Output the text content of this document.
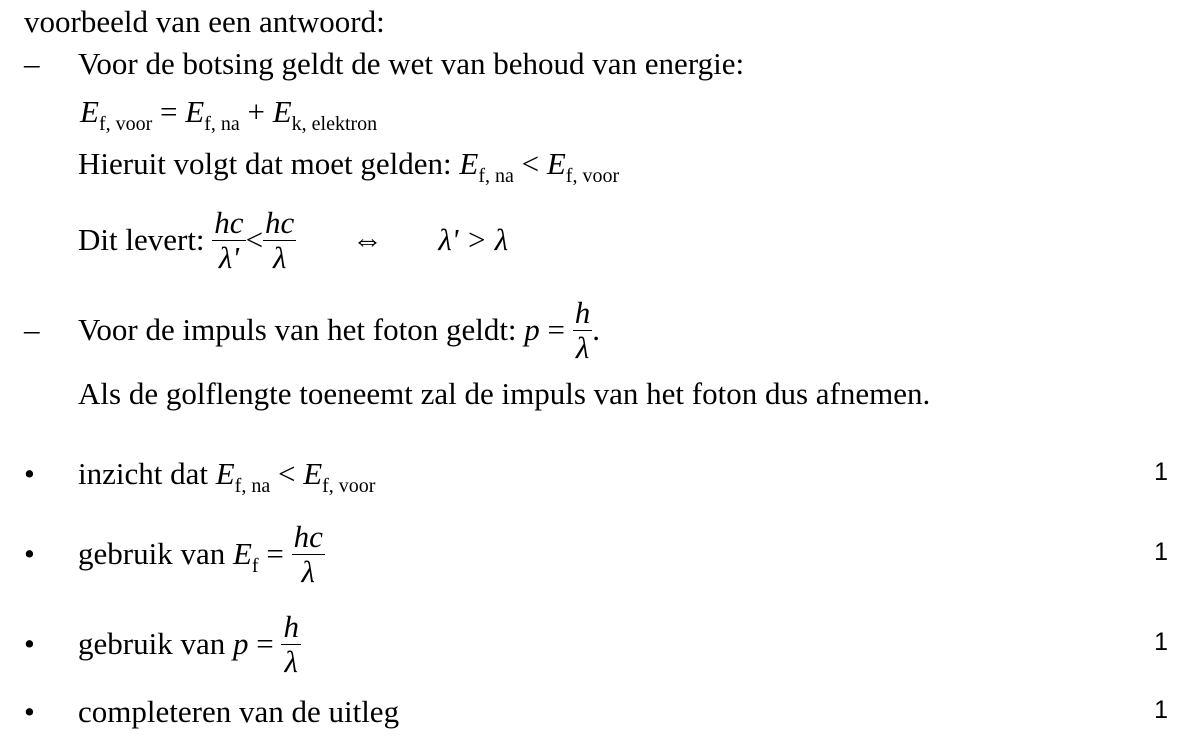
voorbeeld van een antwoord:
– Voor de botsing geldt de wet van behoud van energie:
$E_{f, voor} = E_{f, na} + E_{k, elektron}$
Hieruit volgt dat moet gelden: $E_{f, na} < E_{f, voor}$
Dit levert: $\frac{hc}{\lambda'} < \frac{hc}{\lambda}$ ⇔ λ' > λ
– Voor de impuls van het foton geldt: $p = \frac{h}{\lambda}$ .
Als de golflengte toeneemt zal de impuls van het foton dus afnemen.
• inzicht dat $E_{f, na} < E_{f, voor}$	1
• gebruik van $E_f = \frac{hc}{\lambda}$	1
• gebruik van $p = \frac{h}{\lambda}$	1
• completeren van de uitleg	1
